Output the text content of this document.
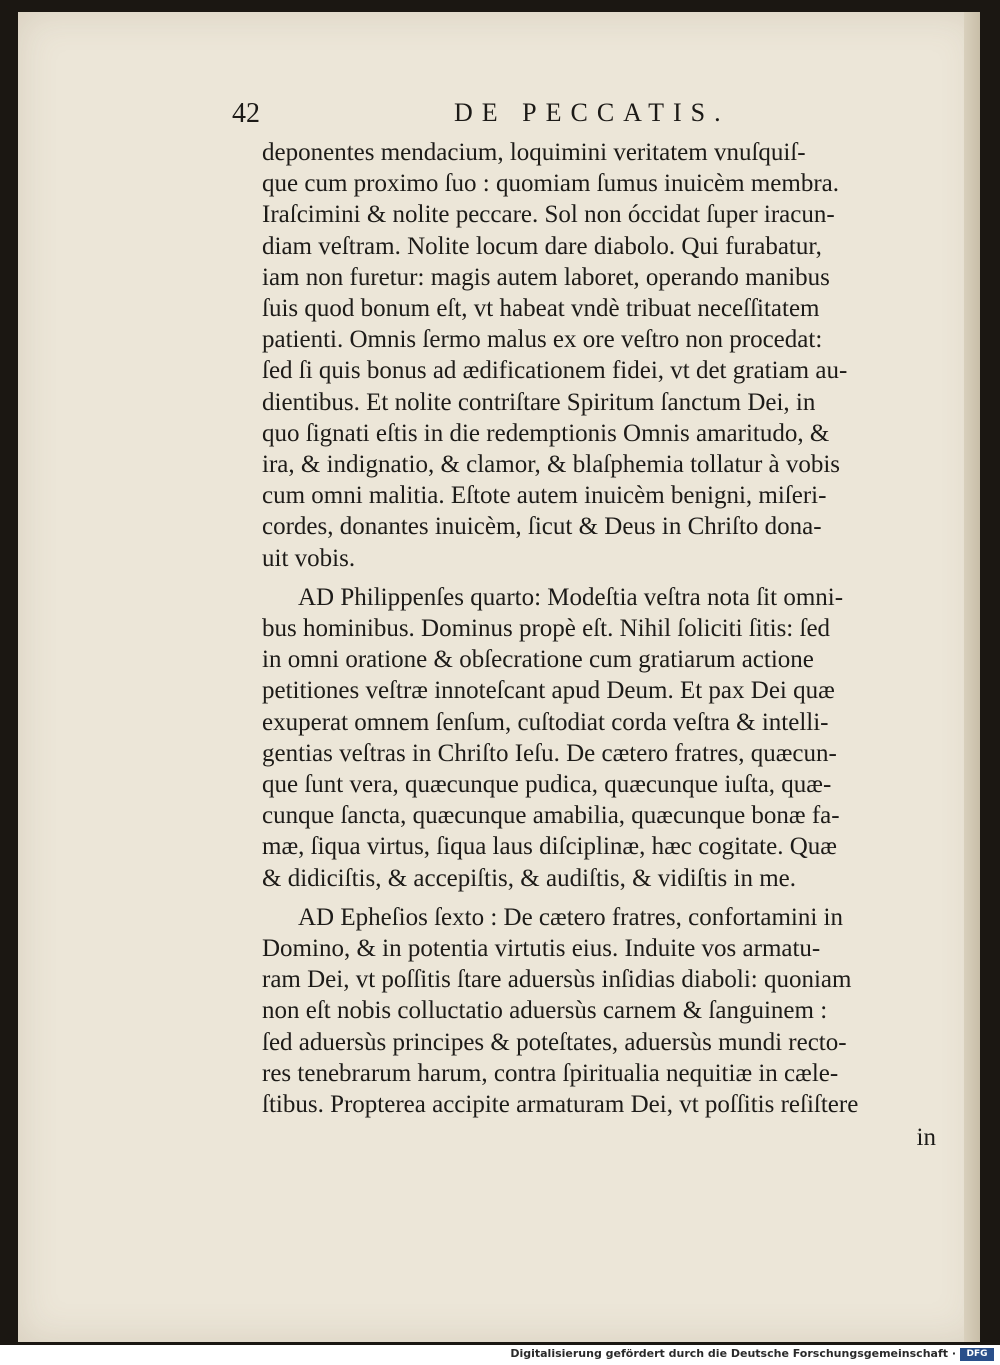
42	DE PECCATIS.

deponentes mendacium, loquimini veritatem vnuſquiſ-
que cum proximo ſuo : quomiam ſumus inuicèm membra.
Iraſcimini & nolite peccare. Sol non óccidat ſuper iracun-
diam veſtram. Nolite locum dare diabolo. Qui furabatur,
iam non furetur: magis autem laboret, operando manibus
ſuis quod bonum eſt, vt habeat vndè tribuat neceſſitatem
patienti. Omnis ſermo malus ex ore veſtro non procedat:
ſed ſi quis bonus ad ædificationem fidei, vt det gratiam au-
dientibus. Et nolite contriſtare Spiritum ſanctum Dei, in
quo ſignati eſtis in die redemptionis Omnis amaritudo, &
ira, & indignatio, & clamor, & blaſphemia tollatur à vobis
cum omni malitia. Eſtote autem inuicèm benigni, miſeri-
cordes, donantes inuicèm, ſicut & Deus in Chriſto dona-
uit vobis.

AD Philippenſes quarto: Modeſtia veſtra nota ſit omni-
bus hominibus. Dominus propè eſt. Nihil ſoliciti ſitis: ſed
in omni oratione & obſecratione cum gratiarum actione
petitiones veſtræ innoteſcant apud Deum. Et pax Dei quæ
exuperat omnem ſenſum, cuſtodiat corda veſtra & intelli-
gentias veſtras in Chriſto Ieſu. De cætero fratres, quæcun-
que ſunt vera, quæcunque pudica, quæcunque iuſta, quæ-
cunque ſancta, quæcunque amabilia, quæcunque bonæ fa-
mæ, ſiqua virtus, ſiqua laus diſciplinæ, hæc cogitate. Quæ
& didiciſtis, & accepiſtis, & audiſtis, & vidiſtis in me.

AD Epheſios ſexto : De cætero fratres, confortamini in
Domino, & in potentia virtutis eius. Induite vos armatu-
ram Dei, vt poſſitis ſtare aduersùs inſidias diaboli: quoniam
non eſt nobis colluctatio aduersùs carnem & ſanguinem :
ſed aduersùs principes & poteſtates, aduersùs mundi recto-
res tenebrarum harum, contra ſpiritualia nequitiæ in cæle-
ſtibus. Propterea accipite armaturam Dei, vt poſſitis reſiſtere

in
Digitalisierung gefördert durch die Deutsche Forschungsgemeinschaft ·	DFG
